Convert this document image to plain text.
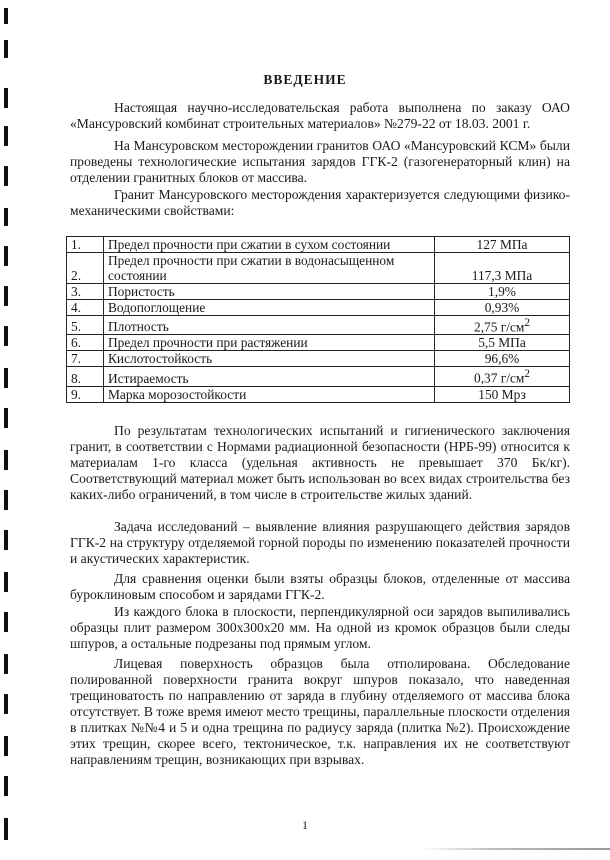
ВВЕДЕНИЕ

Настоящая научно-исследовательская работа выполнена по заказу ОАО «Мансуровский комбинат строительных материалов» №279-22 от 18.03. 2001 г.

На Мансуровском месторождении гранитов ОАО «Мансуровский КСМ» были проведены технологические испытания зарядов ГГК-2 (газогенераторный клин) на отделении гранитных блоков от массива.

Гранит Мансуровского месторождения характеризуется следующими физико-механическими свойствами:

1.	Предел прочности при сжатии в сухом состоянии	127 МПа
2.	Предел прочности при сжатии в водонасыщенном состоянии	117,3 МПа
3.	Пористость	1,9%
4.	Водопоглощение	0,93%
5.	Плотность	2,75 $г/см^2$
6.	Предел прочности при растяжении	5,5 МПа
7.	Кислотостойкость	96,6%
8.	Истираемость	0,37 $г/см^2$
9.	Марка морозостойкости	150 Мрз

По результатам технологических испытаний и гигиенического заключения гранит, в соответствии с Нормами радиационной безопасности (НРБ-99) относится к материалам 1-го класса (удельная активность не превышает 370 Бк/кг). Соответствующий материал может быть использован во всех видах строительства без каких-либо ограничений, в том числе в строительстве жилых зданий.

Задача исследований – выявление влияния разрушающего действия зарядов ГГК-2 на структуру отделяемой горной породы по изменению показателей прочности и акустических характеристик.

Для сравнения оценки были взяты образцы блоков, отделенные от массива буроклиновым способом и зарядами ГГК-2.

Из каждого блока в плоскости, перпендикулярной оси зарядов выпиливались образцы плит размером 300х300х20 мм. На одной из кромок образцов были следы шпуров, а остальные подрезаны под прямым углом.

Лицевая поверхность образцов была отполирована. Обследование полированной поверхности гранита вокруг шпуров показало, что наведенная трещиноватость по направлению от заряда в глубину отделяемого от массива блока отсутствует. В тоже время имеют место трещины, параллельные плоскости отделения в плитках №№4 и 5 и одна трещина по радиусу заряда (плитка №2). Происхождение этих трещин, скорее всего, тектоническое, т.к. направления их не соответствуют направлениям трещин, возникающих при взрывах.

1
